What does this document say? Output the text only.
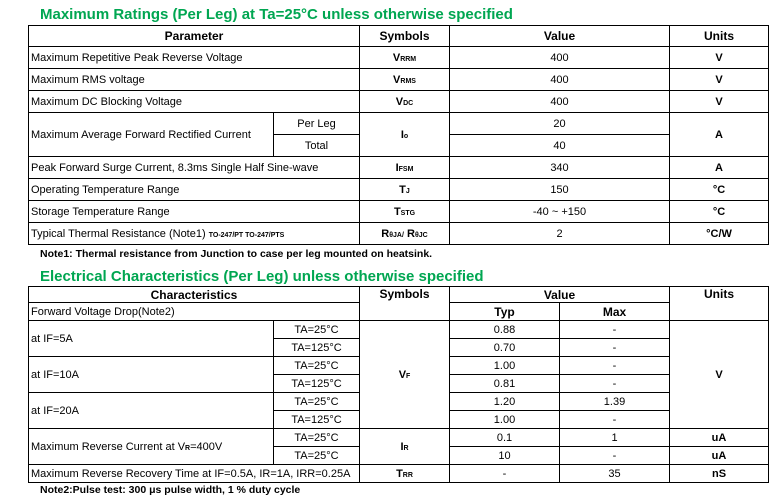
Maximum Ratings (Per Leg) at Ta=25°C unless otherwise specified
Parameter		Symbols	Value	Units
Maximum Repetitive Peak Reverse Voltage		VRRM	400	V
Maximum RMS voltage		VRMS	400	V
Maximum DC Blocking Voltage		VDC	400	V
Maximum Average Forward Rectified Current	Per Leg	Io	20	A
	Total		40	
Peak Forward Surge Current, 8.3ms Single Half Sine-wave		IFSM	340	A
Operating Temperature Range		TJ	150	°C
Storage Temperature Range		TSTG	-40 ~ +150	°C
Typical Thermal Resistance (Note1) TO-247/PT TO-247/PTS		RθJA/ RθJC	2	°C/W
Note1: Thermal resistance from Junction to case per leg mounted on heatsink.
Electrical Characteristics (Per Leg) unless otherwise specified
Characteristics		Symbols	Value		Units
Forward Voltage Drop(Note2)			Typ	Max	
at IF=5A	TA=25°C	VF	0.88	-	V
	TA=125°C		0.70	-	
at IF=10A	TA=25°C		1.00	-	
	TA=125°C		0.81	-	
at IF=20A	TA=25°C		1.20	1.39	
	TA=125°C		1.00	-	
Maximum Reverse Current at VR=400V	TA=25°C	IR	0.1	1	uA
	TA=25°C		10	-	uA
Maximum Reverse Recovery Time at IF=0.5A, IR=1A, IRR=0.25A		TRR	-	35	nS
Note2:Pulse test: 300 μs pulse width, 1 % duty cycle
